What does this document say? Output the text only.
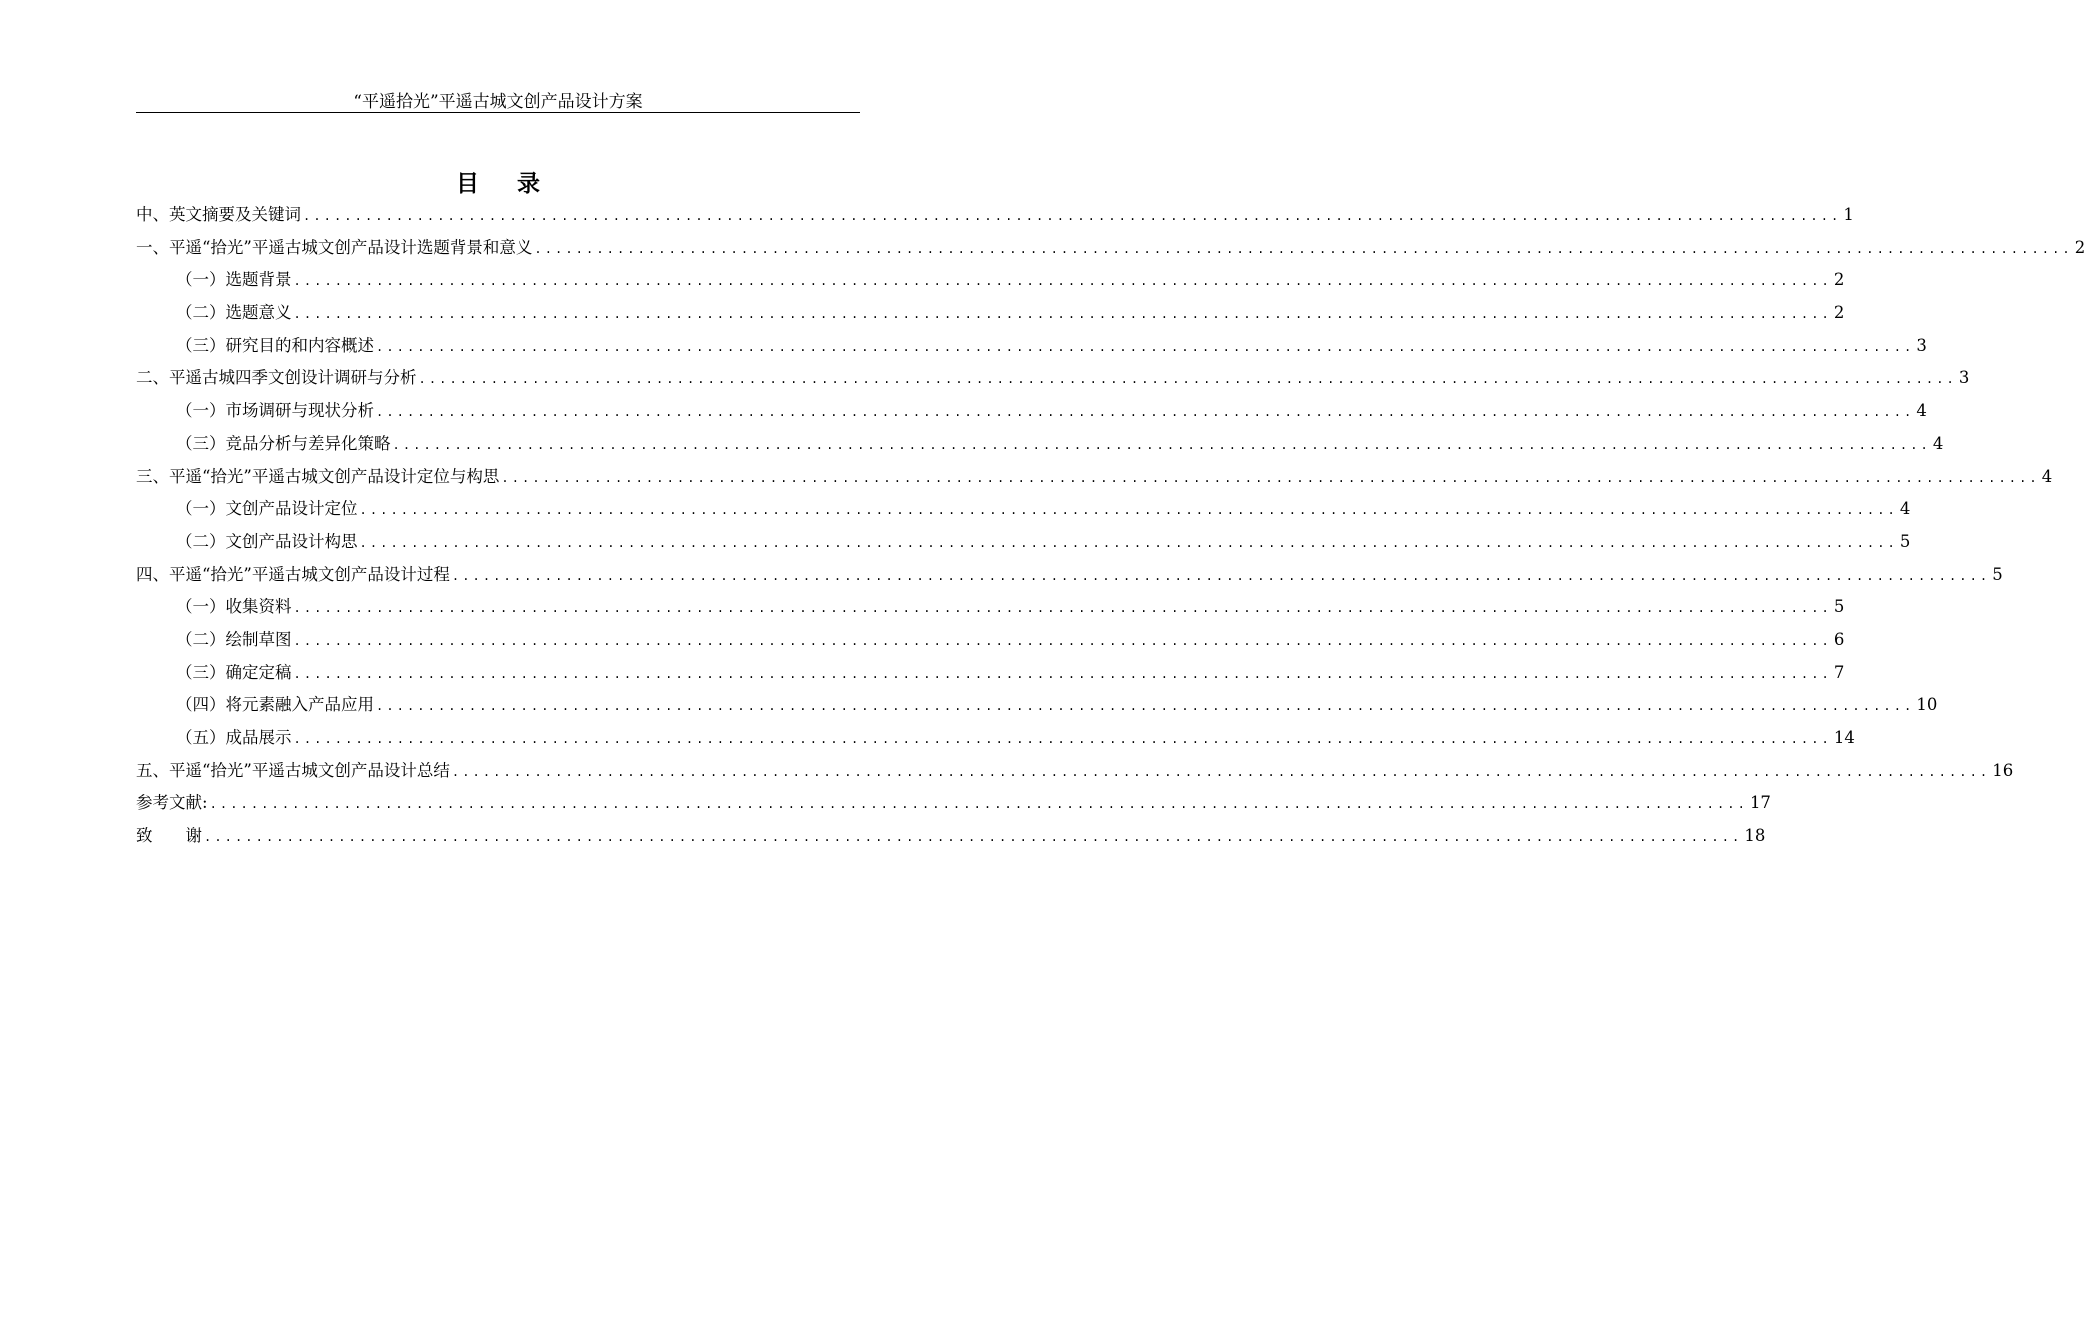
“平遥拾光”平遥古城文创产品设计方案
目录
中、英文摘要及关键词 ..................................................................................................................................................... 1
一、平遥“拾光”平遥古城文创产品设计选题背景和意义 ..................................................................................................................................................... 2
（一）选题背景 ..................................................................................................................................................... 2
（二）选题意义 ..................................................................................................................................................... 2
（三）研究目的和内容概述 ..................................................................................................................................................... 3
二、平遥古城四季文创设计调研与分析 ..................................................................................................................................................... 3
（一）市场调研与现状分析 ..................................................................................................................................................... 4
（三）竞品分析与差异化策略 ..................................................................................................................................................... 4
三、平遥“拾光”平遥古城文创产品设计定位与构思 ..................................................................................................................................................... 4
（一）文创产品设计定位 ..................................................................................................................................................... 4
（二）文创产品设计构思 ..................................................................................................................................................... 5
四、平遥“拾光”平遥古城文创产品设计过程 ..................................................................................................................................................... 5
（一）收集资料 ..................................................................................................................................................... 5
（二）绘制草图 ..................................................................................................................................................... 6
（三）确定定稿 ..................................................................................................................................................... 7
（四）将元素融入产品应用 ..................................................................................................................................................... 10
（五）成品展示 ..................................................................................................................................................... 14
五、平遥“拾光”平遥古城文创产品设计总结 ..................................................................................................................................................... 16
参考文献: ..................................................................................................................................................... 17
致　　谢 ..................................................................................................................................................... 18
